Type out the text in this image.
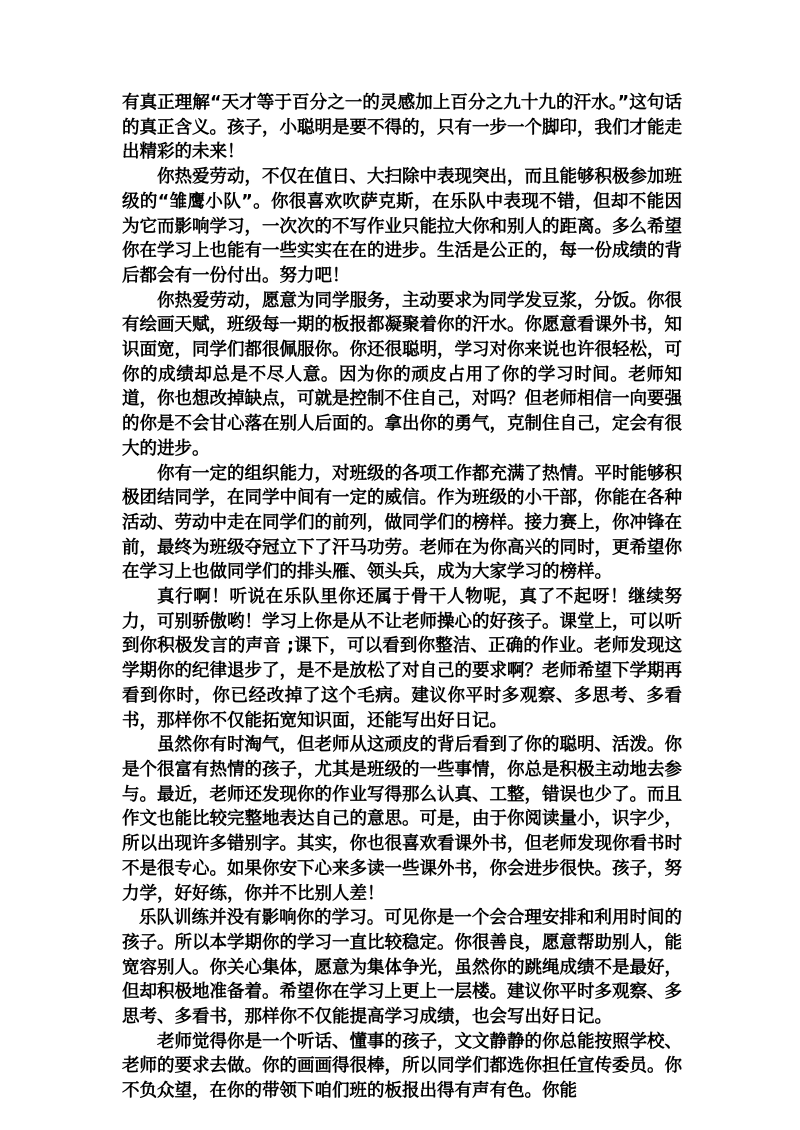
有真正理解“天才等于百分之一的灵感加上百分之九十九的汗水。”这句话的真正含义。孩子，小聪明是要不得的，只有一步一个脚印，我们才能走出精彩的未来！

你热爱劳动，不仅在值日、大扫除中表现突出，而且能够积极参加班级的“雏鹰小队”。你很喜欢吹萨克斯，在乐队中表现不错，但却不能因为它而影响学习，一次次的不写作业只能拉大你和别人的距离。多么希望你在学习上也能有一些实实在在的进步。生活是公正的，每一份成绩的背后都会有一份付出。努力吧！

你热爱劳动，愿意为同学服务，主动要求为同学发豆浆，分饭。你很有绘画天赋，班级每一期的板报都凝聚着你的汗水。你愿意看课外书，知识面宽，同学们都很佩服你。你还很聪明，学习对你来说也许很轻松，可你的成绩却总是不尽人意。因为你的顽皮占用了你的学习时间。老师知道，你也想改掉缺点，可就是控制不住自己，对吗？但老师相信一向要强的你是不会甘心落在别人后面的。拿出你的勇气，克制住自己，定会有很大的进步。

你有一定的组织能力，对班级的各项工作都充满了热情。平时能够积极团结同学，在同学中间有一定的威信。作为班级的小干部，你能在各种活动、劳动中走在同学们的前列，做同学们的榜样。接力赛上，你冲锋在前，最终为班级夺冠立下了汗马功劳。老师在为你高兴的同时，更希望你在学习上也做同学们的排头雁、领头兵，成为大家学习的榜样。

真行啊！听说在乐队里你还属于骨干人物呢，真了不起呀！继续努力，可别骄傲哟！学习上你是从不让老师操心的好孩子。课堂上，可以听到你积极发言的声音 ;课下，可以看到你整洁、正确的作业。老师发现这学期你的纪律退步了，是不是放松了对自己的要求啊？老师希望下学期再看到你时，你已经改掉了这个毛病。建议你平时多观察、多思考、多看书，那样你不仅能拓宽知识面，还能写出好日记。

虽然你有时淘气，但老师从这顽皮的背后看到了你的聪明、活泼。你是个很富有热情的孩子，尤其是班级的一些事情，你总是积极主动地去参与。最近，老师还发现你的作业写得那么认真、工整，错误也少了。而且作文也能比较完整地表达自己的意思。可是，由于你阅读量小，识字少，所以出现许多错别字。其实，你也很喜欢看课外书，但老师发现你看书时不是很专心。如果你安下心来多读一些课外书，你会进步很快。孩子，努力学，好好练，你并不比别人差！

乐队训练并没有影响你的学习。可见你是一个会合理安排和利用时间的孩子。所以本学期你的学习一直比较稳定。你很善良，愿意帮助别人，能宽容别人。你关心集体，愿意为集体争光，虽然你的跳绳成绩不是最好，但却积极地准备着。希望你在学习上更上一层楼。建议你平时多观察、多思考、多看书，那样你不仅能提高学习成绩，也会写出好日记。

老师觉得你是一个听话、懂事的孩子，文文静静的你总能按照学校、老师的要求去做。你的画画得很棒，所以同学们都选你担任宣传委员。你不负众望，在你的带领下咱们班的板报出得有声有色。你能
